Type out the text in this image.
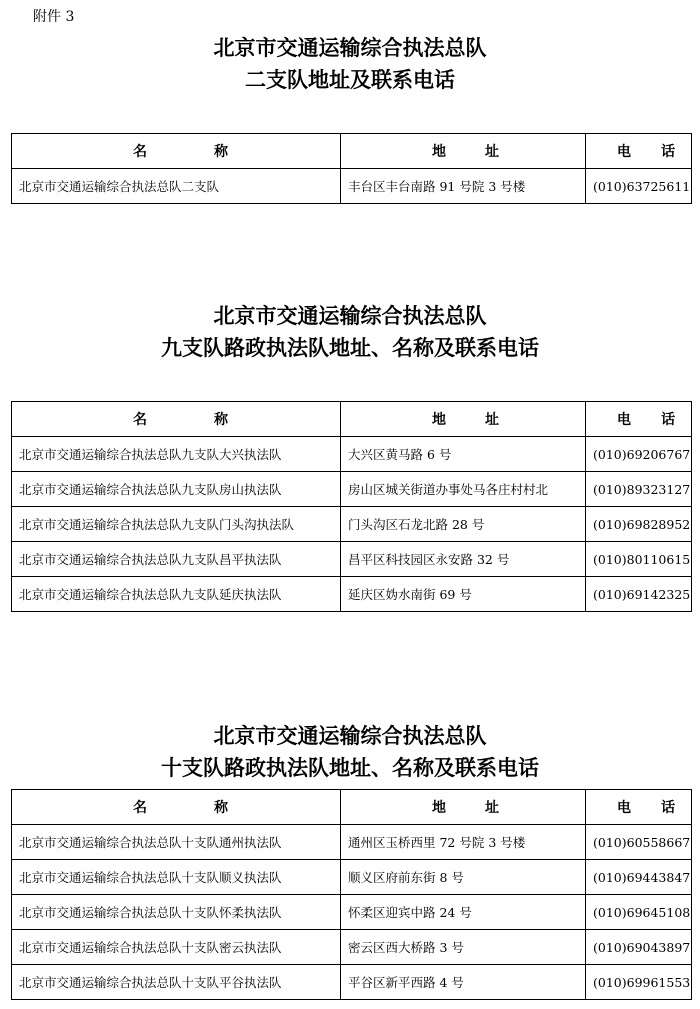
附件 3
北京市交通运输综合执法总队
二支队地址及联系电话
名 称	地 址	电 话

北京市交通运输综合执法总队二支队	丰台区丰台南路 91 号院 3 号楼	(010)63725611
北京市交通运输综合执法总队
九支队路政执法队地址、名称及联系电话
名 称	地 址	电 话

北京市交通运输综合执法总队九支队大兴执法队	大兴区黄马路 6 号	(010)69206767
北京市交通运输综合执法总队九支队房山执法队	房山区城关街道办事处马各庄村村北	(010)89323127
北京市交通运输综合执法总队九支队门头沟执法队	门头沟区石龙北路 28 号	(010)69828952
北京市交通运输综合执法总队九支队昌平执法队	昌平区科技园区永安路 32 号	(010)80110615
北京市交通运输综合执法总队九支队延庆执法队	延庆区妫水南街 69 号	(010)69142325
北京市交通运输综合执法总队
十支队路政执法队地址、名称及联系电话
名 称	地 址	电 话

北京市交通运输综合执法总队十支队通州执法队	通州区玉桥西里 72 号院 3 号楼	(010)60558667
北京市交通运输综合执法总队十支队顺义执法队	顺义区府前东街 8 号	(010)69443847
北京市交通运输综合执法总队十支队怀柔执法队	怀柔区迎宾中路 24 号	(010)69645108
北京市交通运输综合执法总队十支队密云执法队	密云区西大桥路 3 号	(010)69043897
北京市交通运输综合执法总队十支队平谷执法队	平谷区新平西路 4 号	(010)69961553
